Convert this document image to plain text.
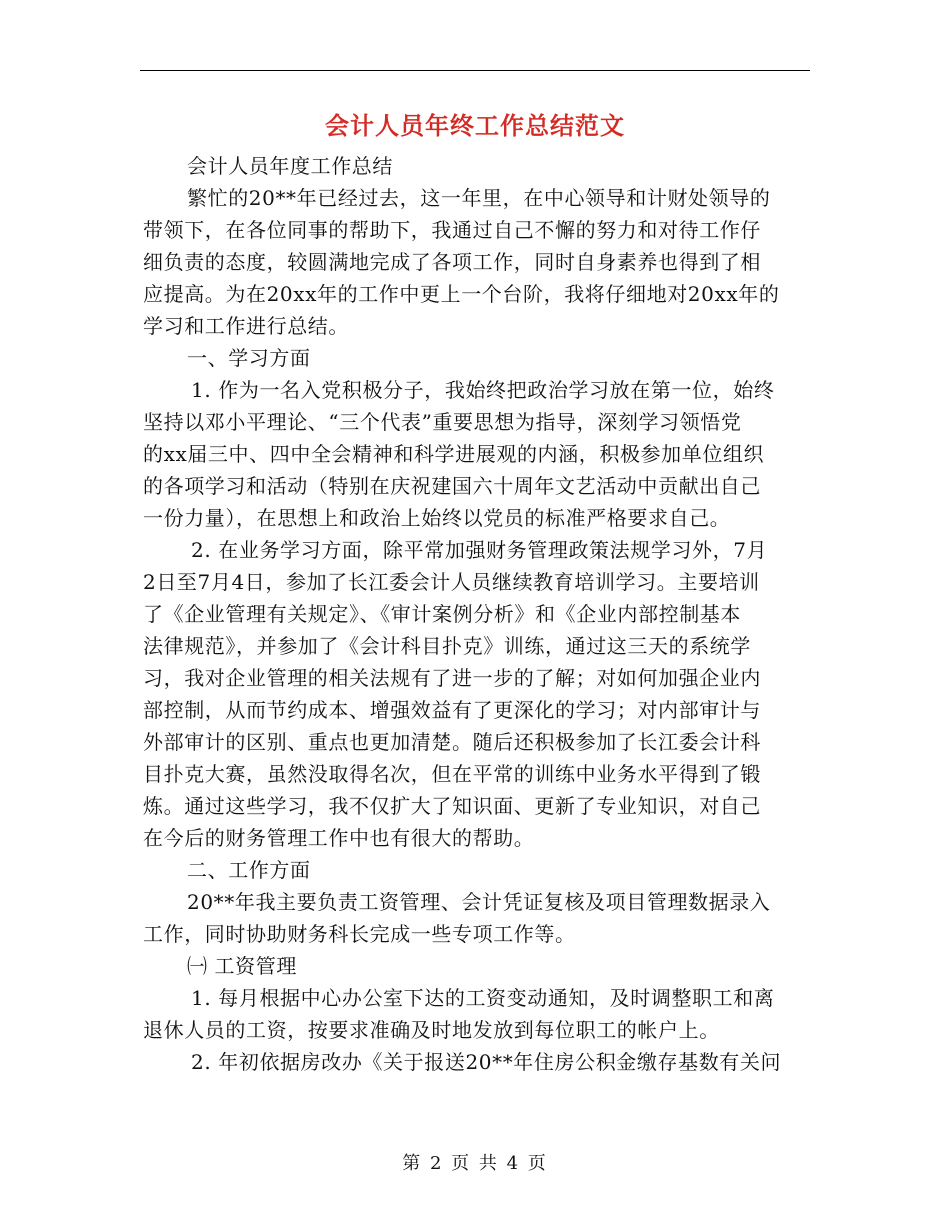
会计人员年终工作总结范文
会计人员年度工作总结
繁忙的20**年已经过去，这一年里，在中心领导和计财处领导的
带领下，在各位同事的帮助下，我通过自己不懈的努力和对待工作仔
细负责的态度，较圆满地完成了各项工作，同时自身素养也得到了相
应提高。为在20xx年的工作中更上一个台阶，我将仔细地对20xx年的
学习和工作进行总结。
一、学习方面
1. 作为一名入党积极分子，我始终把政治学习放在第一位，始终
坚持以邓小平理论、“三个代表”重要思想为指导，深刻学习领悟党
的xx届三中、四中全会精神和科学进展观的内涵，积极参加单位组织
的各项学习和活动（特别在庆祝建国六十周年文艺活动中贡献出自己
一份力量），在思想上和政治上始终以党员的标准严格要求自己。
2. 在业务学习方面，除平常加强财务管理政策法规学习外，7月
2日至7月4日，参加了长江委会计人员继续教育培训学习。主要培训
了《企业管理有关规定》、《审计案例分析》和《企业内部控制基本
法律规范》，并参加了《会计科目扑克》训练，通过这三天的系统学
习，我对企业管理的相关法规有了进一步的了解；对如何加强企业内
部控制，从而节约成本、增强效益有了更深化的学习；对内部审计与
外部审计的区别、重点也更加清楚。随后还积极参加了长江委会计科
目扑克大赛，虽然没取得名次，但在平常的训练中业务水平得到了锻
炼。通过这些学习，我不仅扩大了知识面、更新了专业知识，对自己
在今后的财务管理工作中也有很大的帮助。
二、工作方面
20**年我主要负责工资管理、会计凭证复核及项目管理数据录入
工作，同时协助财务科长完成一些专项工作等。
㈠ 工资管理
1. 每月根据中心办公室下达的工资变动通知，及时调整职工和离
退休人员的工资，按要求准确及时地发放到每位职工的帐户上。
2. 年初依据房改办《关于报送20**年住房公积金缴存基数有关问
第 2 页 共 4 页
